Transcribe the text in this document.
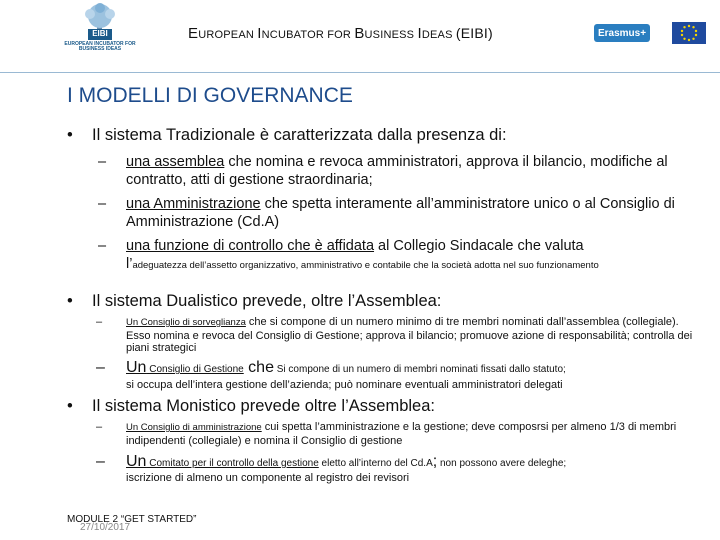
EIBI
EUROPEAN INCUBATOR FOR BUSINESS IDEAS
EUROPEAN INCUBATOR FOR BUSINESS IDEAS (EIBI)	Erasmus+
I MODELLI DI GOVERNANCE
• Il sistema Tradizionale è caratterizzata dalla presenza di:
– una assemblea che nomina e revoca amministratori, approva il bilancio, modifiche al contratto, atti di gestione straordinaria;
– una Amministrazione che spetta interamente all’amministratore unico o al Consiglio di Amministrazione (Cd.A)
– una funzione di controllo che è affidata al Collegio Sindacale che valuta
l’adeguatezza dell’assetto organizzativo, amministrativo e contabile che la società adotta nel suo funzionamento
• Il sistema Dualistico prevede, oltre l’Assemblea:
–	Un Consiglio di sorveglianza che si compone di un numero minimo di tre membri nominati dall’assemblea (collegiale). Esso nomina e revoca del Consiglio di Gestione; approva il bilancio; promuove azione di responsabilità; controlla dei piani strategici
– Un Consiglio di Gestione che Si compone di un numero di membri nominati fissati dallo statuto;
si occupa dell’intera gestione dell’azienda; può nominare eventuali amministratori delegati
• Il sistema Monistico prevede oltre l’Assemblea:
–	Un Consiglio di amministrazione cui spetta l’amministrazione e la gestione; deve composrsi per almeno 1/3 di membri indipendenti (collegiale) e nomina il Consiglio di gestione
– Un Comitato per il controllo della gestione eletto all’interno del Cd.A; non possono avere deleghe;
iscrizione di almeno un componente al registro dei revisori
MODULE 2 “GET STARTED”
27/10/2017
